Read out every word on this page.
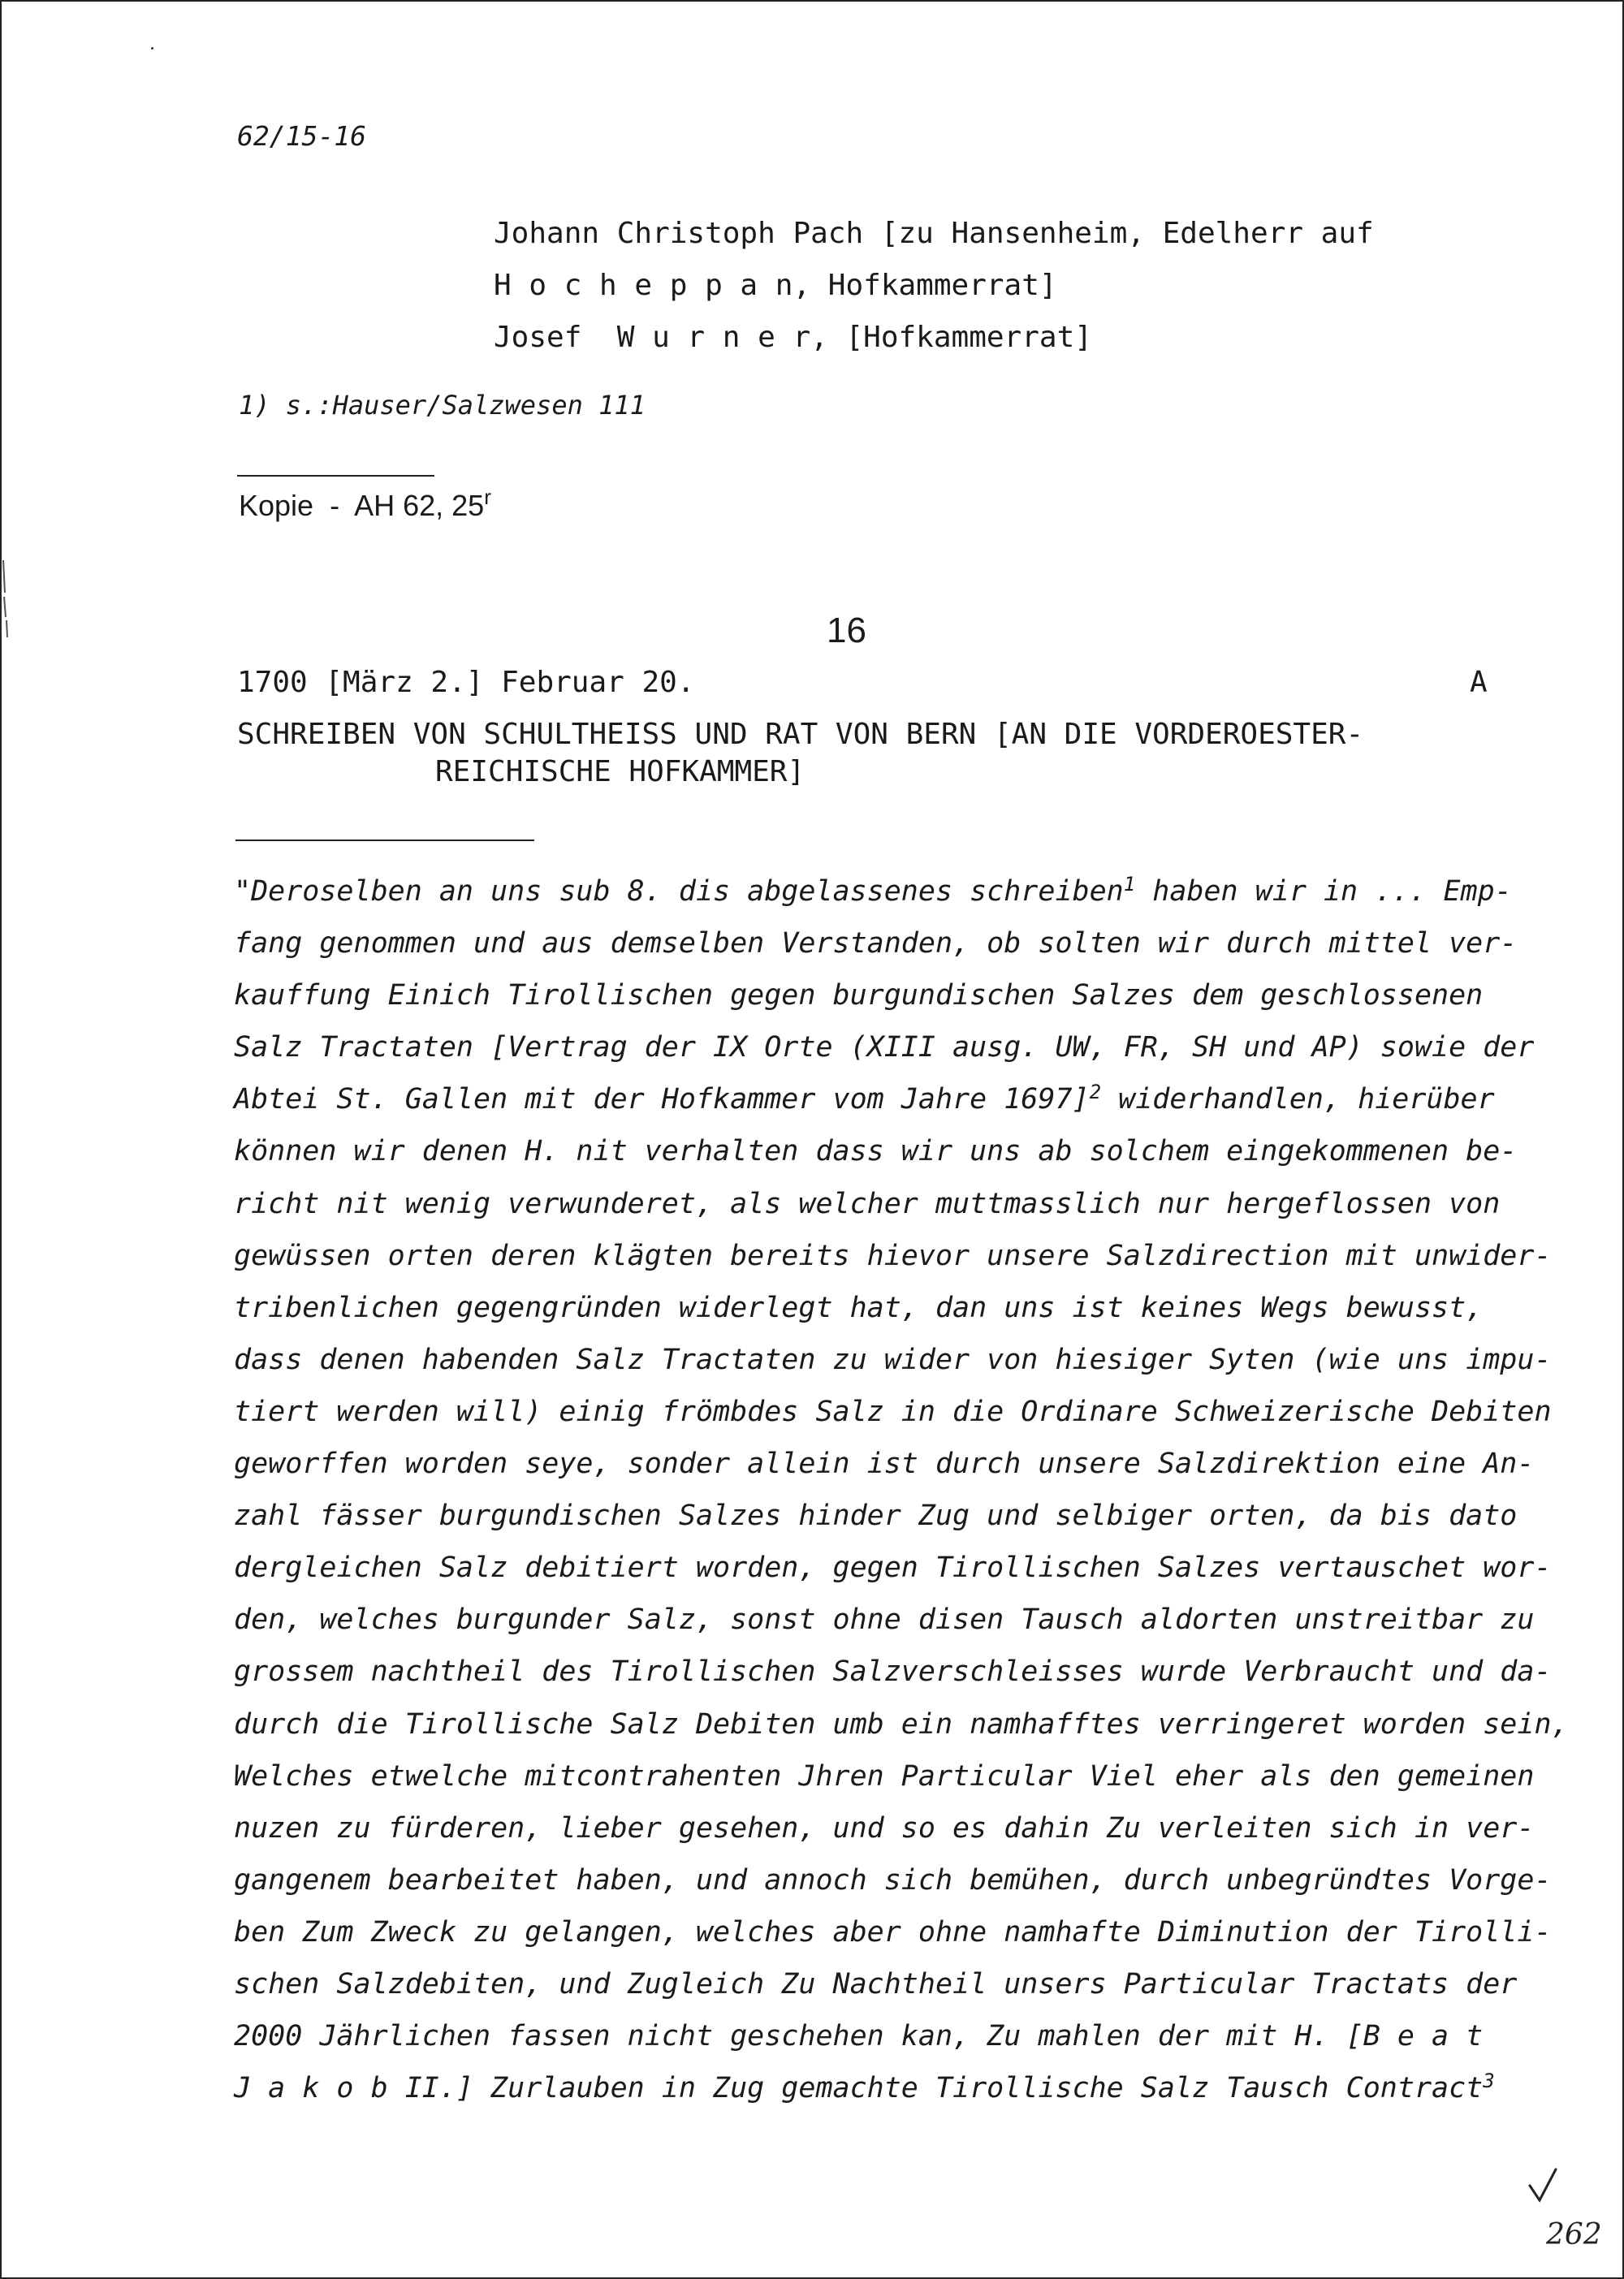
62/15-16
Johann Christoph Pach [zu Hansenheim, Edelherr auf
H o c h e p p a n, Hofkammerrat]
Josef  W u r n e r, [Hofkammerrat]
1) s.:Hauser/Salzwesen 111
Kopie  -  AH 62, 25$^r$
16
1700 [März 2.] Februar 20.	A
SCHREIBEN VON SCHULTHEISS UND RAT VON BERN [AN DIE VORDEROESTER-
REICHISCHE HOFKAMMER]
"Deroselben an uns sub 8. dis abgelassenes schreiben$^1$ haben wir in ... Emp-
fang genommen und aus demselben Verstanden, ob solten wir durch mittel ver-
kauffung Einich Tirollischen gegen burgundischen Salzes dem geschlossenen
Salz Tractaten [Vertrag der IX Orte (XIII ausg. UW, FR, SH und AP) sowie der
Abtei St. Gallen mit der Hofkammer vom Jahre 1697]$^2$ widerhandlen, hierüber
können wir denen H. nit verhalten dass wir uns ab solchem eingekommenen be-
richt nit wenig verwunderet, als welcher muttmasslich nur hergeflossen von
gewüssen orten deren klägten bereits hievor unsere Salzdirection mit unwider-
tribenlichen gegengründen widerlegt hat, dan uns ist keines Wegs bewusst,
dass denen habenden Salz Tractaten zu wider von hiesiger Syten (wie uns impu-
tiert werden will) einig frömbdes Salz in die Ordinare Schweizerische Debiten
geworffen worden seye, sonder allein ist durch unsere Salzdirektion eine An-
zahl fässer burgundischen Salzes hinder Zug und selbiger orten, da bis dato
dergleichen Salz debitiert worden, gegen Tirollischen Salzes vertauschet wor-
den, welches burgunder Salz, sonst ohne disen Tausch aldorten unstreitbar zu
grossem nachtheil des Tirollischen Salzverschleisses wurde Verbraucht und da-
durch die Tirollische Salz Debiten umb ein namhafftes verringeret worden sein,
Welches etwelche mitcontrahenten Jhren Particular Viel eher als den gemeinen
nuzen zu fürderen, lieber gesehen, und so es dahin Zu verleiten sich in ver-
gangenem bearbeitet haben, und annoch sich bemühen, durch unbegründtes Vorge-
ben Zum Zweck zu gelangen, welches aber ohne namhafte Diminution der Tirolli-
schen Salzdebiten, und Zugleich Zu Nachtheil unsers Particular Tractats der
2000 Jährlichen fassen nicht geschehen kan, Zu mahlen der mit H. [B e a t
J a k o b II.] Zurlauben in Zug gemachte Tirollische Salz Tausch Contract$^3$
262
